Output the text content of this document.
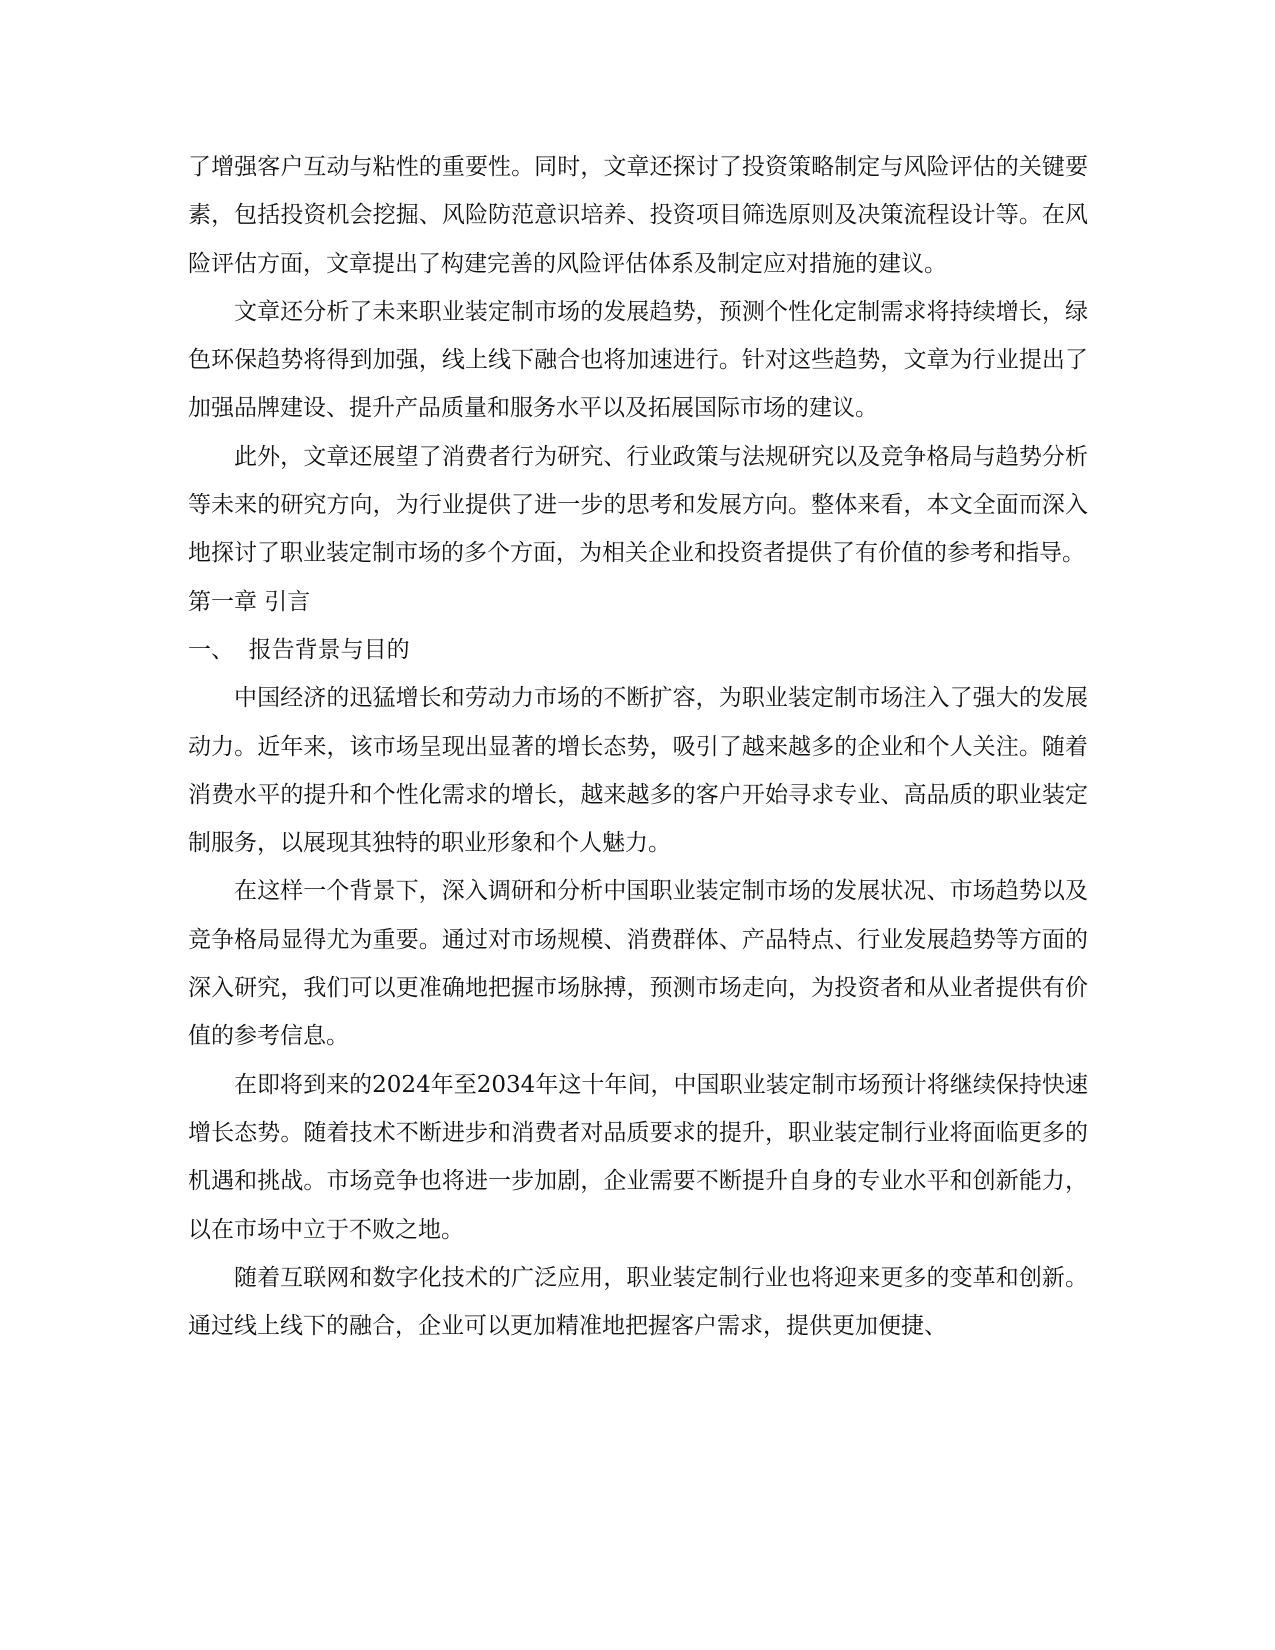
了增强客户互动与粘性的重要性。同时，文章还探讨了投资策略制定与风险评估的关键要素，包括投资机会挖掘、风险防范意识培养、投资项目筛选原则及决策流程设计等。在风险评估方面，文章提出了构建完善的风险评估体系及制定应对措施的建议。

文章还分析了未来职业装定制市场的发展趋势，预测个性化定制需求将持续增长，绿色环保趋势将得到加强，线上线下融合也将加速进行。针对这些趋势，文章为行业提出了加强品牌建设、提升产品质量和服务水平以及拓展国际市场的建议。

此外，文章还展望了消费者行为研究、行业政策与法规研究以及竞争格局与趋势分析等未来的研究方向，为行业提供了进一步的思考和发展方向。整体来看，本文全面而深入地探讨了职业装定制市场的多个方面，为相关企业和投资者提供了有价值的参考和指导。

第一章 引言

一、  报告背景与目的

中国经济的迅猛增长和劳动力市场的不断扩容，为职业装定制市场注入了强大的发展动力。近年来，该市场呈现出显著的增长态势，吸引了越来越多的企业和个人关注。随着消费水平的提升和个性化需求的增长，越来越多的客户开始寻求专业、高品质的职业装定制服务，以展现其独特的职业形象和个人魅力。

在这样一个背景下，深入调研和分析中国职业装定制市场的发展状况、市场趋势以及竞争格局显得尤为重要。通过对市场规模、消费群体、产品特点、行业发展趋势等方面的深入研究，我们可以更准确地把握市场脉搏，预测市场走向，为投资者和从业者提供有价值的参考信息。

在即将到来的2024年至2034年这十年间，中国职业装定制市场预计将继续保持快速增长态势。随着技术不断进步和消费者对品质要求的提升，职业装定制行业将面临更多的机遇和挑战。市场竞争也将进一步加剧，企业需要不断提升自身的专业水平和创新能力，以在市场中立于不败之地。

随着互联网和数字化技术的广泛应用，职业装定制行业也将迎来更多的变革和创新。通过线上线下的融合，企业可以更加精准地把握客户需求，提供更加便捷、
